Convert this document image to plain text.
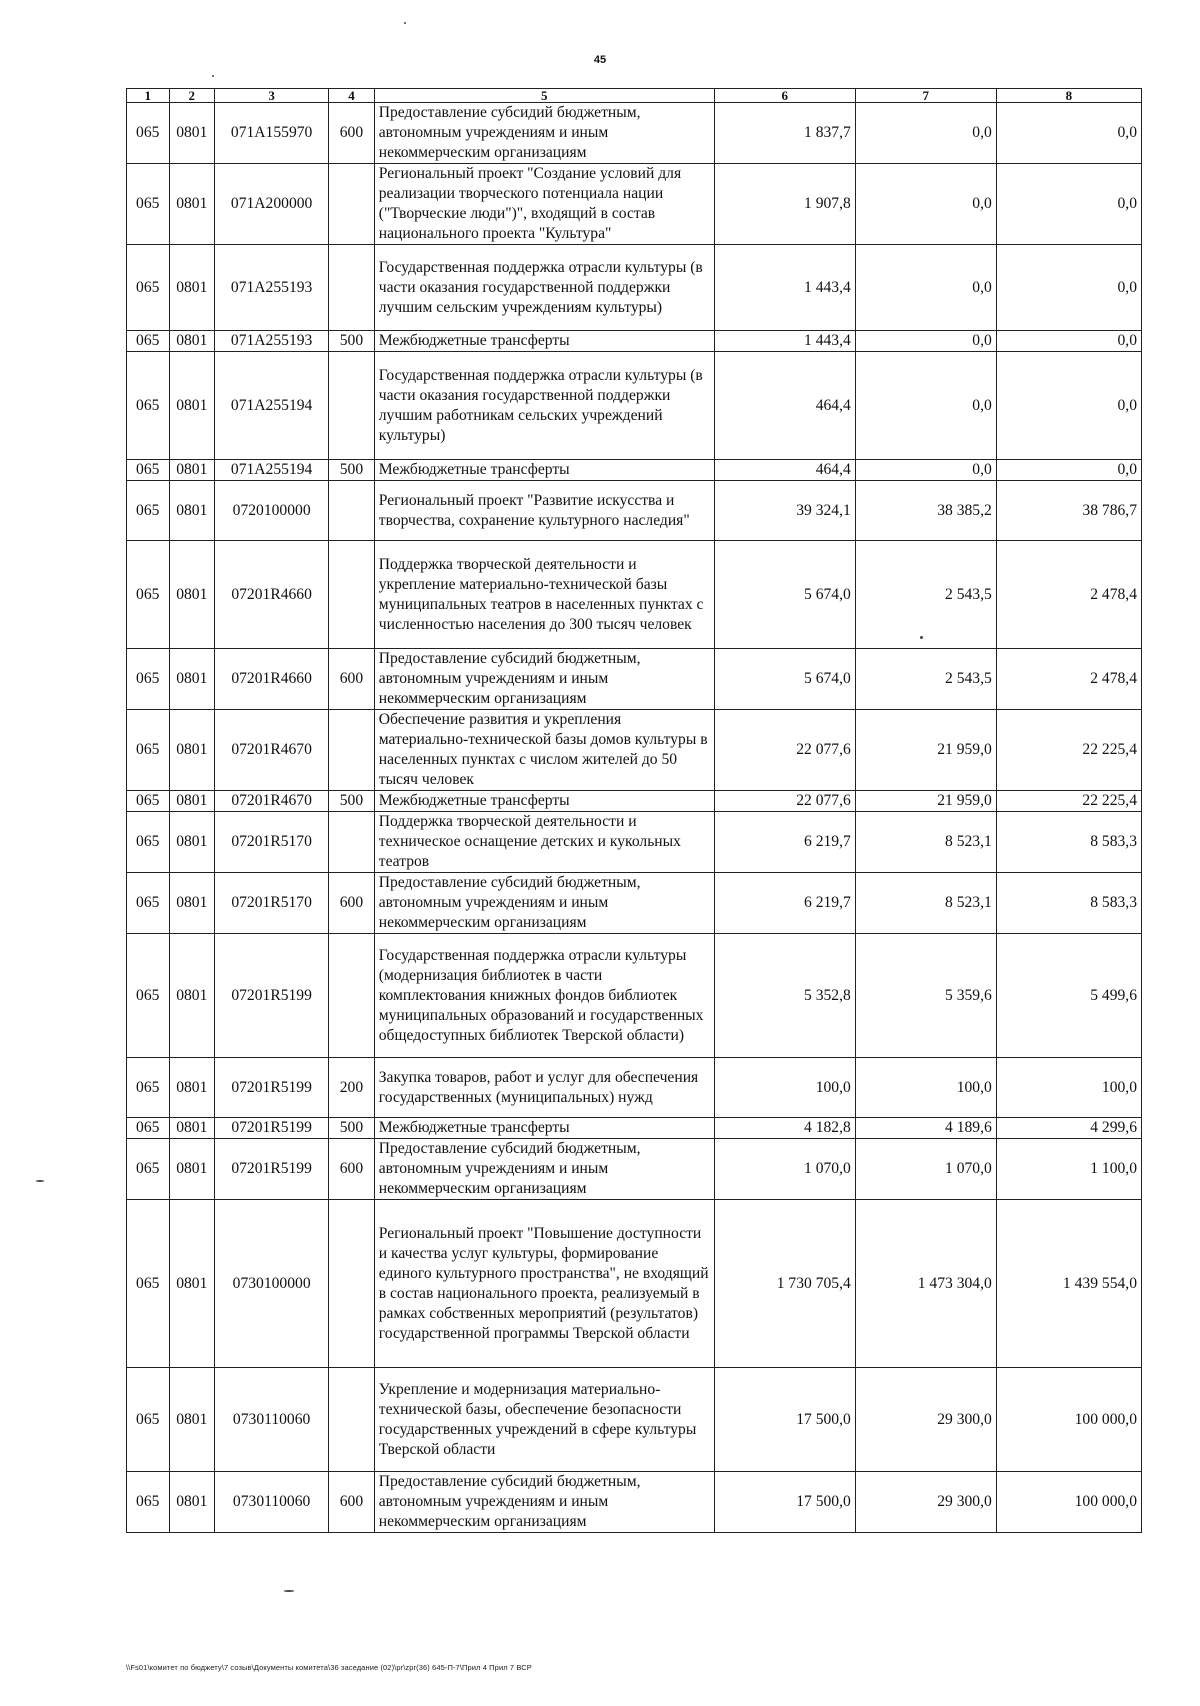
45
1	2	3	4	5	6	7	8
065	0801	071A155970	600	Предоставление субсидий бюджетным, автономным учреждениям и иным некоммерческим организациям	1 837,7	0,0	0,0
065	0801	071A200000		Региональный проект "Создание условий для реализации творческого потенциала нации ("Творческие люди")", входящий в состав национального проекта "Культура"	1 907,8	0,0	0,0
065	0801	071A255193		Государственная поддержка отрасли культуры (в части оказания государственной поддержки лучшим сельским учреждениям культуры)	1 443,4	0,0	0,0
065	0801	071A255193	500	Межбюджетные трансферты	1 443,4	0,0	0,0
065	0801	071A255194		Государственная поддержка отрасли культуры (в части оказания государственной поддержки лучшим работникам сельских учреждений культуры)	464,4	0,0	0,0
065	0801	071A255194	500	Межбюджетные трансферты	464,4	0,0	0,0
065	0801	0720100000		Региональный проект "Развитие искусства и творчества, сохранение культурного наследия"	39 324,1	38 385,2	38 786,7
065	0801	07201R4660		Поддержка творческой деятельности и укрепление материально-технической базы муниципальных театров в населенных пунктах с численностью населения до 300 тысяч человек	5 674,0	2 543,5	2 478,4
065	0801	07201R4660	600	Предоставление субсидий бюджетным, автономным учреждениям и иным некоммерческим организациям	5 674,0	2 543,5	2 478,4
065	0801	07201R4670		Обеспечение развития и укрепления материально-технической базы домов культуры в населенных пунктах с числом жителей до 50 тысяч человек	22 077,6	21 959,0	22 225,4
065	0801	07201R4670	500	Межбюджетные трансферты	22 077,6	21 959,0	22 225,4
065	0801	07201R5170		Поддержка творческой деятельности и техническое оснащение детских и кукольных театров	6 219,7	8 523,1	8 583,3
065	0801	07201R5170	600	Предоставление субсидий бюджетным, автономным учреждениям и иным некоммерческим организациям	6 219,7	8 523,1	8 583,3
065	0801	07201R5199		Государственная поддержка отрасли культуры (модернизация библиотек в части комплектования книжных фондов библиотек муниципальных образований и государственных общедоступных библиотек Тверской области)	5 352,8	5 359,6	5 499,6
065	0801	07201R5199	200	Закупка товаров, работ и услуг для обеспечения государственных (муниципальных) нужд	100,0	100,0	100,0
065	0801	07201R5199	500	Межбюджетные трансферты	4 182,8	4 189,6	4 299,6
065	0801	07201R5199	600	Предоставление субсидий бюджетным, автономным учреждениям и иным некоммерческим организациям	1 070,0	1 070,0	1 100,0
065	0801	0730100000		Региональный проект "Повышение доступности и качества услуг культуры, формирование единого культурного пространства", не входящий в состав национального проекта, реализуемый в рамках собственных мероприятий (результатов) государственной программы Тверской области	1 730 705,4	1 473 304,0	1 439 554,0
065	0801	0730110060		Укрепление и модернизация материально-технической базы, обеспечение безопасности государственных учреждений в сфере культуры Тверской области	17 500,0	29 300,0	100 000,0
065	0801	0730110060	600	Предоставление субсидий бюджетным, автономным учреждениям и иным некоммерческим организациям	17 500,0	29 300,0	100 000,0
\\Fs01\комитет по бюджету\7 созыв\Документы комитета\36 заседание (02)\pr\zpr(36) 645-П-7\Прил 4 Прил 7 ВСР
